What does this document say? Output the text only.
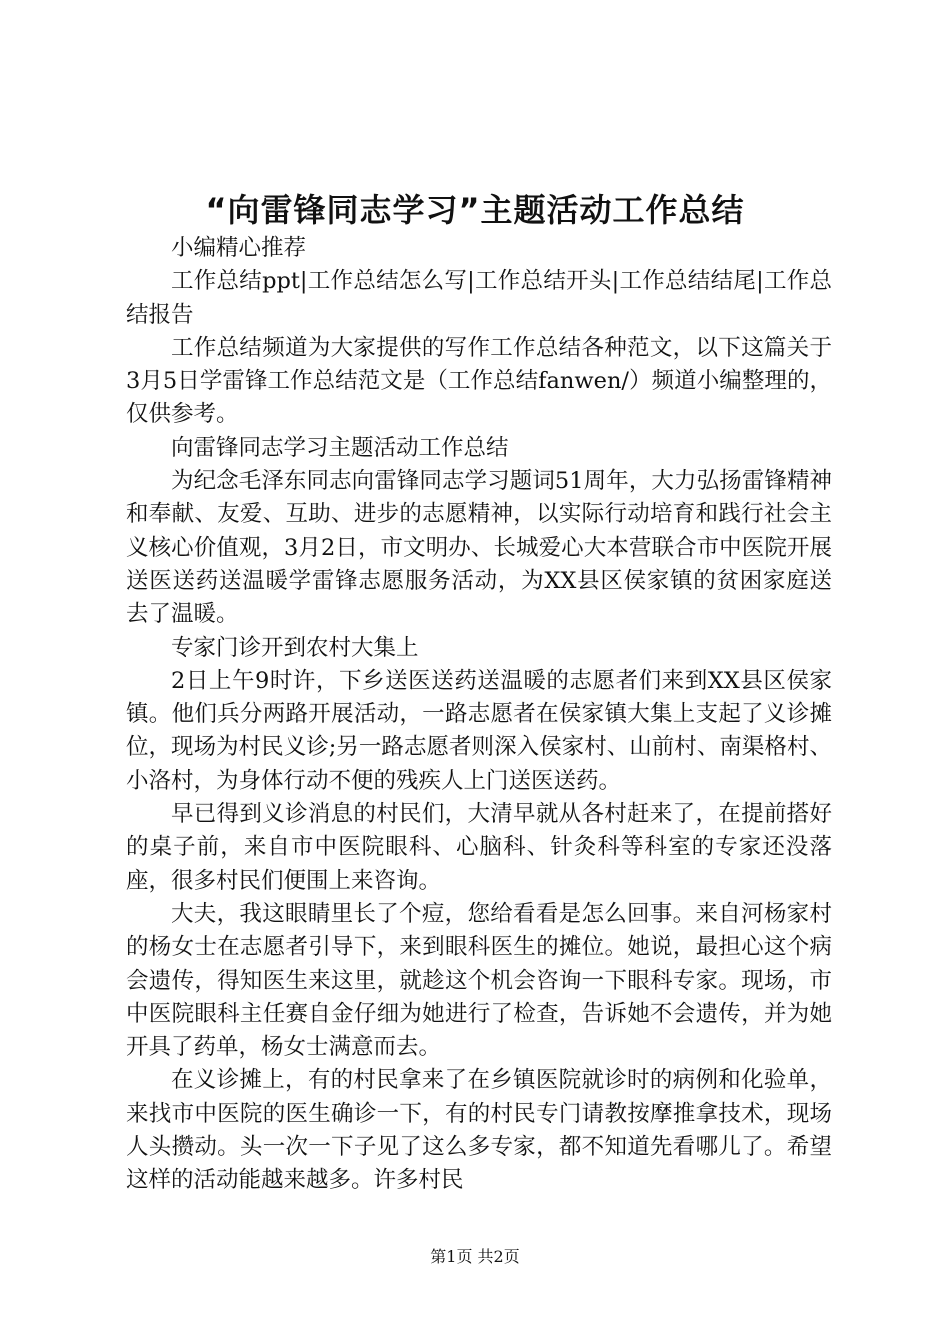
“向雷锋同志学习”主题活动工作总结

小编精心推荐

工作总结ppt|工作总结怎么写|工作总结开头|工作总结结尾|工作总结报告

工作总结频道为大家提供的写作工作总结各种范文，以下这篇关于3月5日学雷锋工作总结范文是（工作总结fanwen/）频道小编整理的，仅供参考。

向雷锋同志学习主题活动工作总结

为纪念毛泽东同志向雷锋同志学习题词51周年，大力弘扬雷锋精神和奉献、友爱、互助、进步的志愿精神，以实际行动培育和践行社会主义核心价值观，3月2日，市文明办、长城爱心大本营联合市中医院开展送医送药送温暖学雷锋志愿服务活动，为XX县区侯家镇的贫困家庭送去了温暖。

专家门诊开到农村大集上

2日上午9时许，下乡送医送药送温暖的志愿者们来到XX县区侯家镇。他们兵分两路开展活动，一路志愿者在侯家镇大集上支起了义诊摊位，现场为村民义诊;另一路志愿者则深入侯家村、山前村、南渠格村、小洛村，为身体行动不便的残疾人上门送医送药。

早已得到义诊消息的村民们，大清早就从各村赶来了，在提前搭好的桌子前，来自市中医院眼科、心脑科、针灸科等科室的专家还没落座，很多村民们便围上来咨询。

大夫，我这眼睛里长了个痘，您给看看是怎么回事。来自河杨家村的杨女士在志愿者引导下，来到眼科医生的摊位。她说，最担心这个病会遗传，得知医生来这里，就趁这个机会咨询一下眼科专家。现场，市中医院眼科主任赛自金仔细为她进行了检查，告诉她不会遗传，并为她开具了药单，杨女士满意而去。

在义诊摊上，有的村民拿来了在乡镇医院就诊时的病例和化验单，来找市中医院的医生确诊一下，有的村民专门请教按摩推拿技术，现场人头攒动。头一次一下子见了这么多专家，都不知道先看哪儿了。希望这样的活动能越来越多。许多村民

第1页 共2页
